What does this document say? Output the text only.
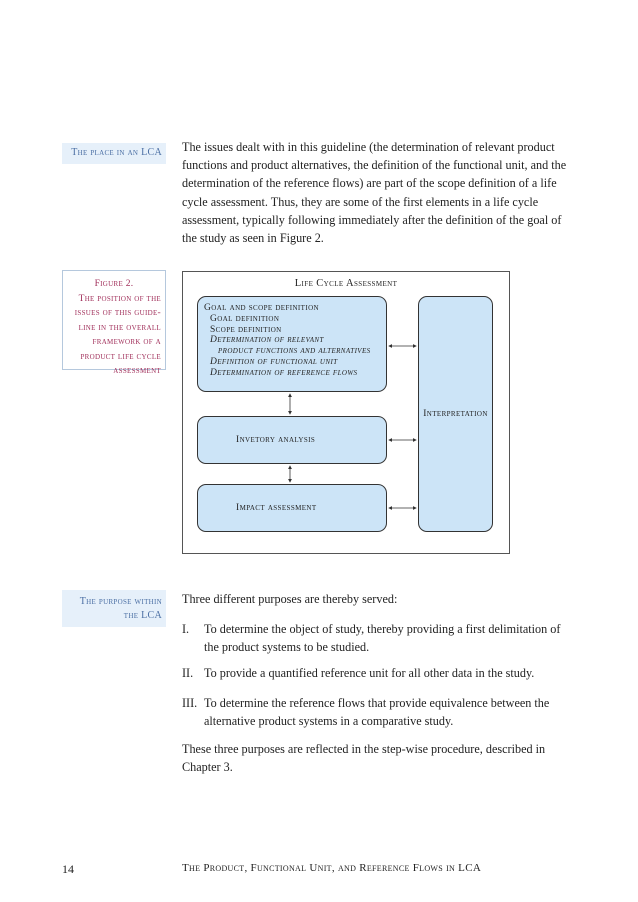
The place in an LCA
Figure 2.
The position of the issues of this guide-line in the overall framework of a product life cycle assessment
The purpose within the LCA
The issues dealt with in this guideline (the determination of relevant product functions and product alternatives, the definition of the functional unit, and the determination of the reference flows) are part of the scope definition of a life cycle assessment. Thus, they are some of the first elements in a life cycle assessment, typically following immediately after the definition of the goal of the study as seen in Figure 2.
Life Cycle Assessment
Goal and scope definition
Goal definition
Scope definition
Determination of relevant
product functions and alternatives
Definition of functional unit
Determination of reference flows
Invetory analysis
Impact assessment
Interpretation
Three different purposes are thereby served:
I. To determine the object of study, thereby providing a first delimitation of the product systems to be studied.
II. To provide a quantified reference unit for all other data in the study.
III. To determine the reference flows that provide equivalence between the alternative product systems in a comparative study.
These three purposes are reflected in the step-wise procedure, described in Chapter 3.
14	The Product, Functional Unit, and Reference Flows in LCA
